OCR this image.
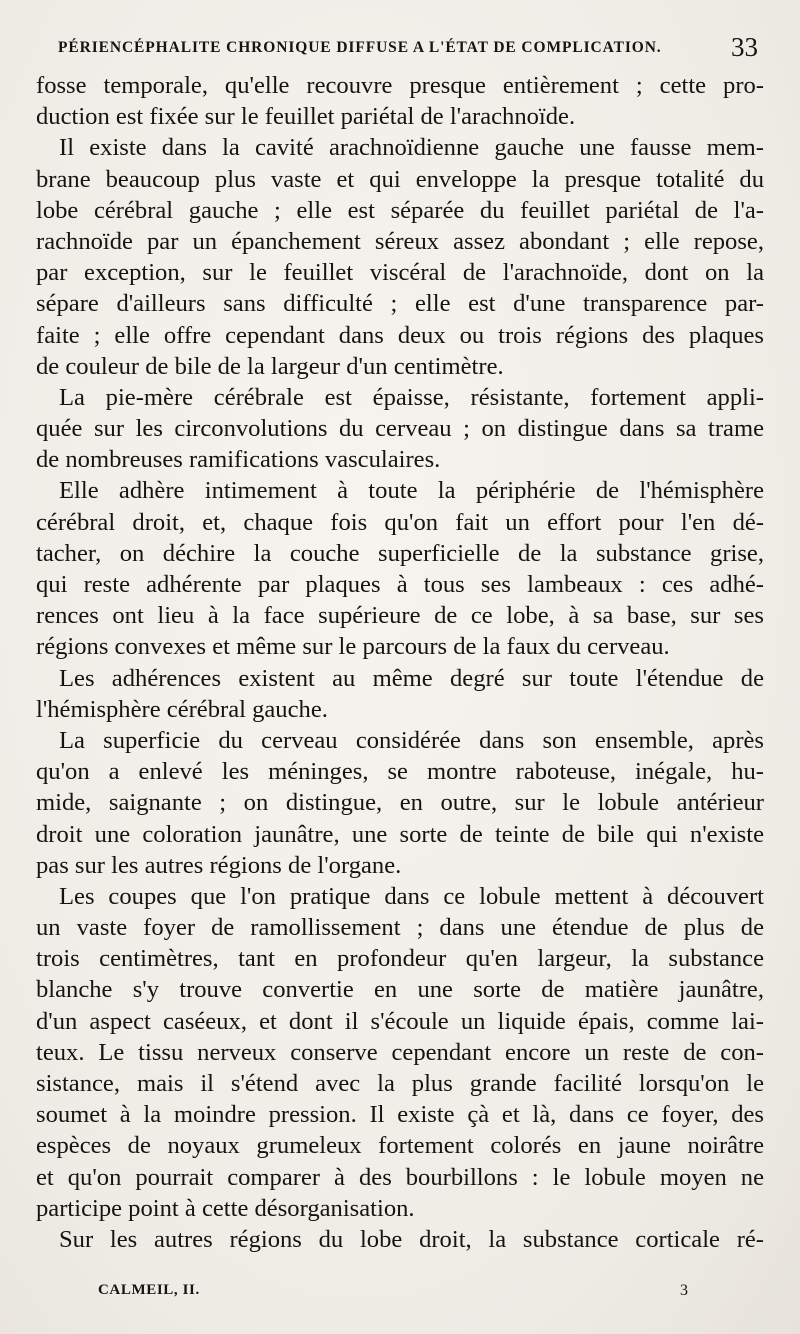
PÉRIENCÉPHALITE CHRONIQUE DIFFUSE A L'ÉTAT DE COMPLICATION.	33
fosse temporale, qu'elle recouvre presque entièrement ; cette pro-
duction est fixée sur le feuillet pariétal de l'arachnoïde.
Il existe dans la cavité arachnoïdienne gauche une fausse mem-
brane beaucoup plus vaste et qui enveloppe la presque totalité du
lobe cérébral gauche ; elle est séparée du feuillet pariétal de l'a-
rachnoïde par un épanchement séreux assez abondant ; elle repose,
par exception, sur le feuillet viscéral de l'arachnoïde, dont on la
sépare d'ailleurs sans difficulté ; elle est d'une transparence par-
faite ; elle offre cependant dans deux ou trois régions des plaques
de couleur de bile de la largeur d'un centimètre.
La pie-mère cérébrale est épaisse, résistante, fortement appli-
quée sur les circonvolutions du cerveau ; on distingue dans sa trame
de nombreuses ramifications vasculaires.
Elle adhère intimement à toute la périphérie de l'hémisphère
cérébral droit, et, chaque fois qu'on fait un effort pour l'en dé-
tacher, on déchire la couche superficielle de la substance grise,
qui reste adhérente par plaques à tous ses lambeaux : ces adhé-
rences ont lieu à la face supérieure de ce lobe, à sa base, sur ses
régions convexes et même sur le parcours de la faux du cerveau.
Les adhérences existent au même degré sur toute l'étendue de
l'hémisphère cérébral gauche.
La superficie du cerveau considérée dans son ensemble, après
qu'on a enlevé les méninges, se montre raboteuse, inégale, hu-
mide, saignante ; on distingue, en outre, sur le lobule antérieur
droit une coloration jaunâtre, une sorte de teinte de bile qui n'existe
pas sur les autres régions de l'organe.
Les coupes que l'on pratique dans ce lobule mettent à découvert
un vaste foyer de ramollissement ; dans une étendue de plus de
trois centimètres, tant en profondeur qu'en largeur, la substance
blanche s'y trouve convertie en une sorte de matière jaunâtre,
d'un aspect caséeux, et dont il s'écoule un liquide épais, comme lai-
teux. Le tissu nerveux conserve cependant encore un reste de con-
sistance, mais il s'étend avec la plus grande facilité lorsqu'on le
soumet à la moindre pression. Il existe çà et là, dans ce foyer, des
espèces de noyaux grumeleux fortement colorés en jaune noirâtre
et qu'on pourrait comparer à des bourbillons : le lobule moyen ne
participe point à cette désorganisation.
Sur les autres régions du lobe droit, la substance corticale ré-
CALMEIL, II.	3
